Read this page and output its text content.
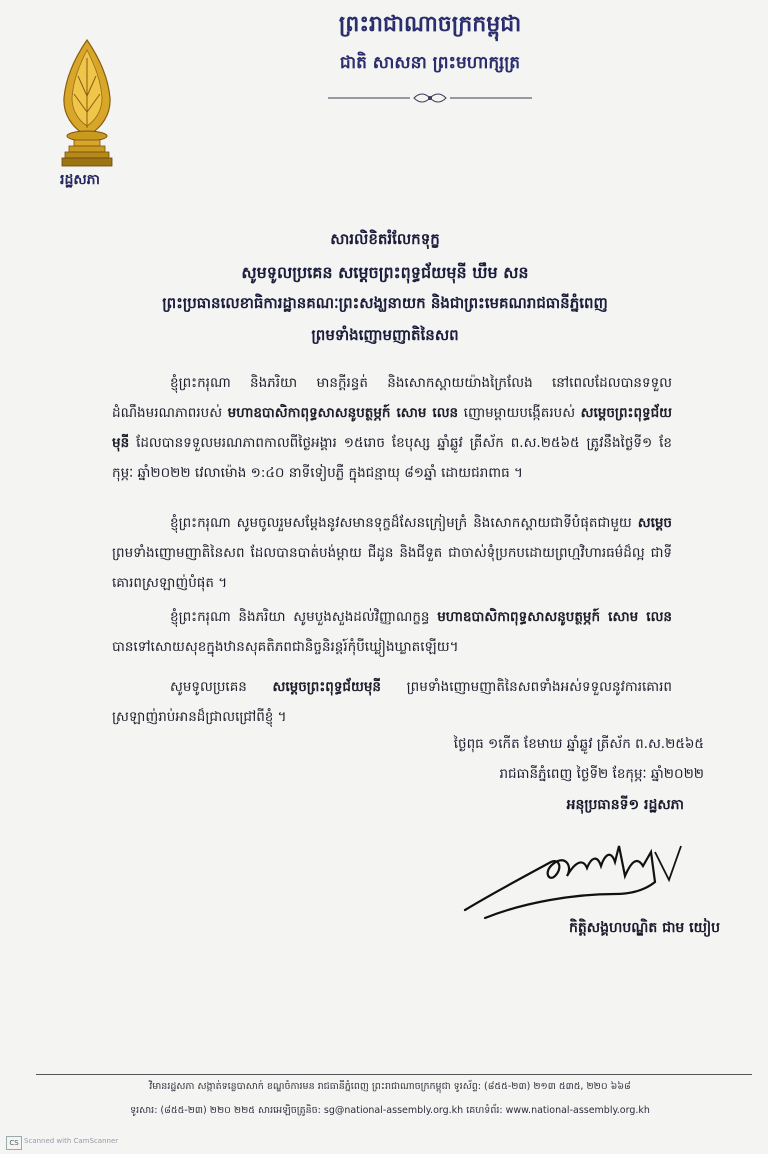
រដ្ឋសភា
ព្រះរាជាណាចក្រកម្ពុជា
ជាតិ សាសនា ព្រះមហាក្សត្រ
សារលិខិតរំលែកទុក្ខ
សូមទូលប្រគេន សម្ដេចព្រះពុទ្ធជ័យមុនី ឃឹម សន
ព្រះប្រធានលេខាធិការដ្ឋានគណៈព្រះសង្ឃនាយក និងជាព្រះមេគណរាជធានីភ្នំពេញ
ព្រមទាំងញោមញាតិនៃសព
ខ្ញុំព្រះករុណា និងភរិយា មានក្ដីរន្ធត់ និងសោកស្ដាយយ៉ាងក្រៃលែង នៅពេលដែលបានទទួលដំណឹងមរណភាពរបស់ មហាឧបាសិកាពុទ្ធសាសនូបត្ថម្ភក៍ សោម លេន ញោមម្ដាយបង្កើតរបស់ សម្ដេចព្រះពុទ្ធជ័យមុនី ដែលបានទទួលមរណភាពកាលពីថ្ងៃអង្គារ ១៥រោច ខែបុស្ស ឆ្នាំឆ្លូវ ត្រីស័ក ព.ស.២៥៦៥ ត្រូវនឹងថ្ងៃទី១ ខែកុម្ភៈ ឆ្នាំ២០២២ វេលាម៉ោង ១:៤០ នាទីទៀបភ្លឺ ក្នុងជន្មាយុ ៨១ឆ្នាំ ដោយជរាពាធ ។
ខ្ញុំព្រះករុណា សូមចូលរួមសម្ដែងនូវសមានទុក្ខដ៏សែនក្រៀមក្រំ និងសោកស្ដាយជាទីបំផុតជាមួយ សម្ដេច ព្រមទាំងញោមញាតិនៃសព ដែលបានបាត់បង់ម្ដាយ ជីដូន និងជីទួត ជាចាស់ទុំប្រកបដោយព្រហ្មវិហារធម៌ដ៏ល្អ ជាទីគោរពស្រឡាញ់បំផុត ។
ខ្ញុំព្រះករុណា និងភរិយា សូមបួងសួងដល់វិញ្ញាណក្ខន្ធ មហាឧបាសិកាពុទ្ធសាសនូបត្ថម្ភក៍ សោម លេន បានទៅសោយសុខក្នុងឋានសុគតិភពជានិច្ចនិរន្តរ៍កុំបីឃ្លៀងឃ្លាតឡើយ។
សូមទូលប្រគេន សម្ដេចព្រះពុទ្ធជ័យមុនី ព្រមទាំងញោមញាតិនៃសពទាំងអស់ទទួលនូវការគោរព ស្រឡាញ់រាប់អានដ៏ជ្រាលជ្រៅពីខ្ញុំ ។
ថ្ងៃពុធ ១កើត ខែមាឃ ឆ្នាំឆ្លូវ ត្រីស័ក ព.ស.២៥៦៥
រាជធានីភ្នំពេញ ថ្ងៃទី២ ខែកុម្ភៈ ឆ្នាំ២០២២
អនុប្រធានទី១ រដ្ឋសភា
កិត្តិសង្គហបណ្ឌិត ជាម យៀប
វិមានរដ្ឋសភា សង្កាត់ទន្លេបាសាក់ ខណ្ឌចំការមន រាជធានីភ្នំពេញ ព្រះរាជាណាចក្រកម្ពុជា ទូរស័ព្ទ: (៨៥៥-២៣) ២១៣ ៥៣៥, ២២០ ៦៦៨
ទូរសារ: (៨៥៥-២៣) ២២០ ២២៥ សារអេឡិចត្រូនិច: sg@national-assembly.org.kh គេហទំព័រ: www.national-assembly.org.kh
CS Scanned with CamScanner
